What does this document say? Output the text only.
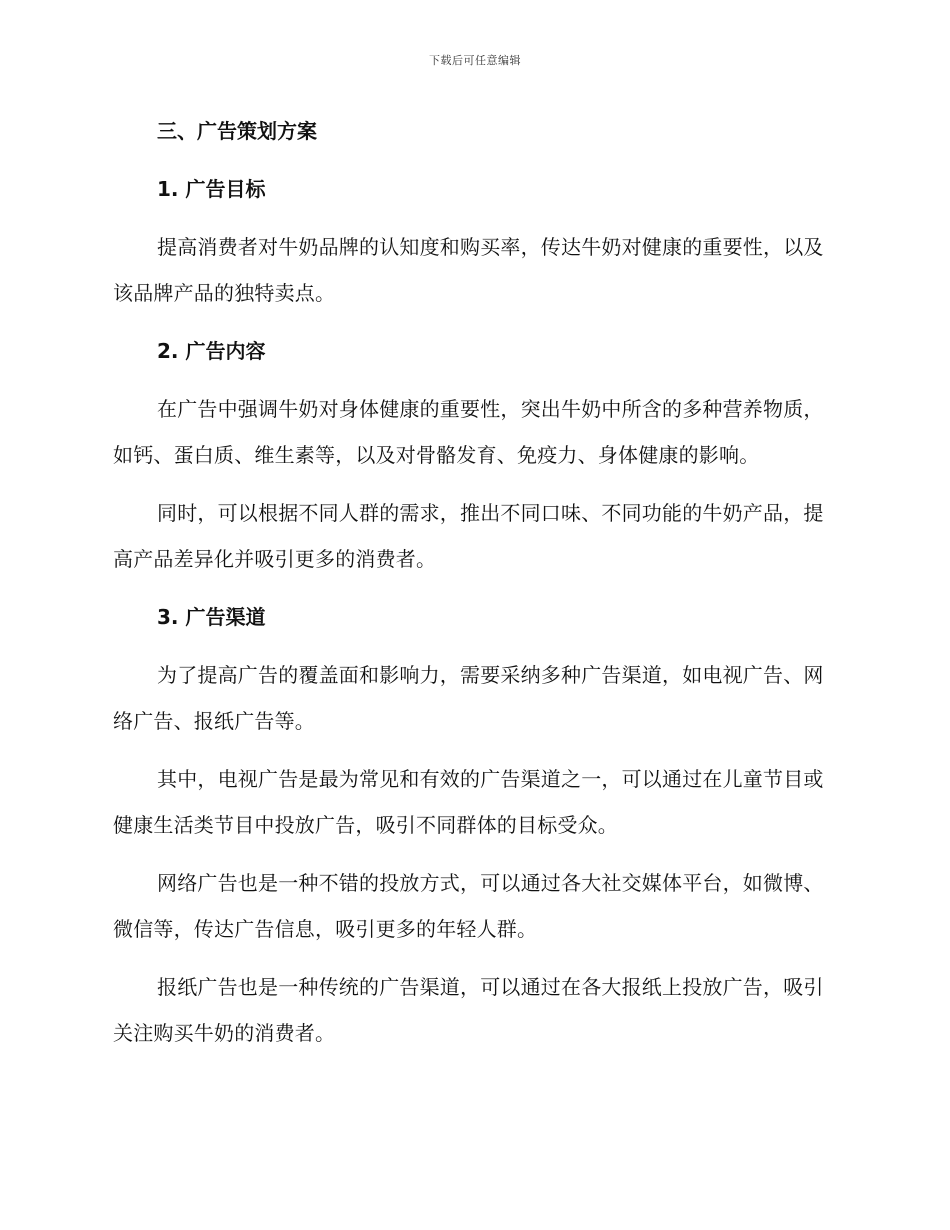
下载后可任意编辑
三、广告策划方案
1. 广告目标
提高消费者对牛奶品牌的认知度和购买率，传达牛奶对健康的重要性，以及该品牌产品的独特卖点。
2. 广告内容
在广告中强调牛奶对身体健康的重要性，突出牛奶中所含的多种营养物质，如钙、蛋白质、维生素等，以及对骨骼发育、免疫力、身体健康的影响。
同时，可以根据不同人群的需求，推出不同口味、不同功能的牛奶产品，提高产品差异化并吸引更多的消费者。
3. 广告渠道
为了提高广告的覆盖面和影响力，需要采纳多种广告渠道，如电视广告、网络广告、报纸广告等。
其中，电视广告是最为常见和有效的广告渠道之一，可以通过在儿童节目或健康生活类节目中投放广告，吸引不同群体的目标受众。
网络广告也是一种不错的投放方式，可以通过各大社交媒体平台，如微博、微信等，传达广告信息，吸引更多的年轻人群。
报纸广告也是一种传统的广告渠道，可以通过在各大报纸上投放广告，吸引关注购买牛奶的消费者。
